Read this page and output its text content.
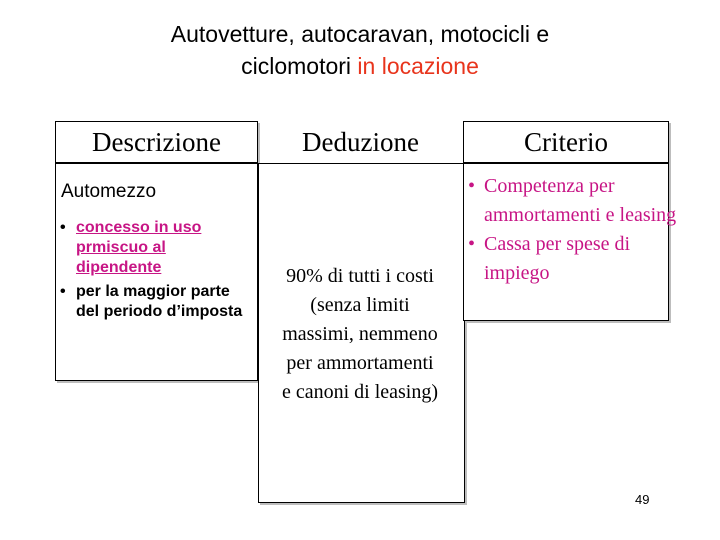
Autovetture, autocaravan, motocicli e
ciclomotori in locazione
Descrizione	Deduzione	Criterio
Automezzo
• concesso in uso prmiscuo al dipendente
• per la maggior parte del periodo d’imposta
90% di tutti i costi
(senza limiti
massimi, nemmeno
per ammortamenti
e canoni di leasing)
• Competenza per ammortamenti e leasing
• Cassa per spese di impiego
49
